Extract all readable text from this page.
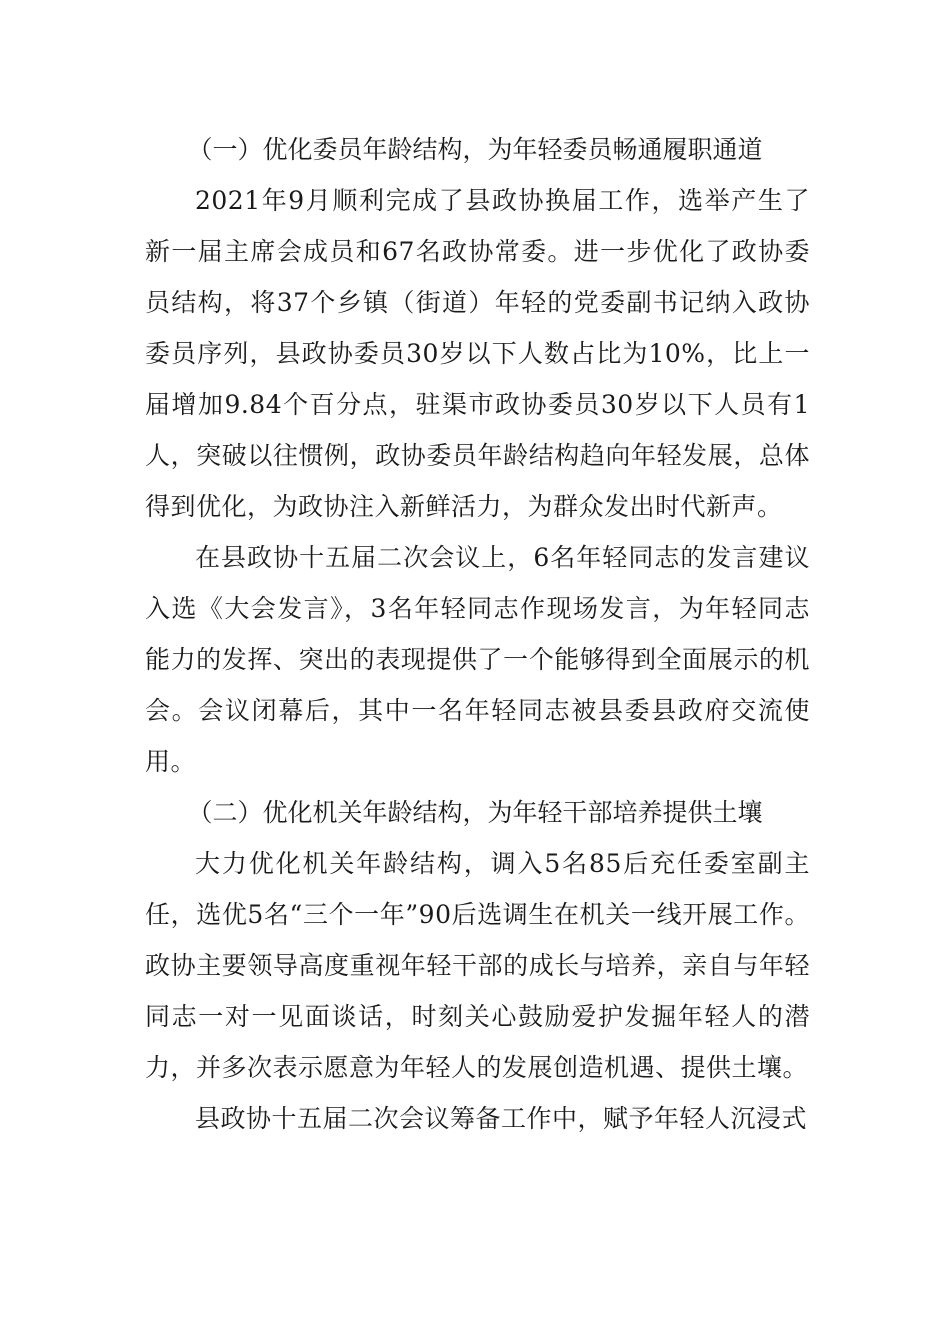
（一）优化委员年龄结构，为年轻委员畅通履职通道

2021年9月顺利完成了县政协换届工作，选举产生了新一届主席会成员和67名政协常委。进一步优化了政协委员结构，将37个乡镇（街道）年轻的党委副书记纳入政协委员序列，县政协委员30岁以下人数占比为10%，比上一届增加9.84个百分点，驻渠市政协委员30岁以下人员有1人，突破以往惯例，政协委员年龄结构趋向年轻发展，总体得到优化，为政协注入新鲜活力，为群众发出时代新声。

在县政协十五届二次会议上，6名年轻同志的发言建议入选《大会发言》，3名年轻同志作现场发言，为年轻同志能力的发挥、突出的表现提供了一个能够得到全面展示的机会。会议闭幕后，其中一名年轻同志被县委县政府交流使用。

（二）优化机关年龄结构，为年轻干部培养提供土壤

大力优化机关年龄结构，调入5名85后充任委室副主任，选优5名“三个一年”90后选调生在机关一线开展工作。政协主要领导高度重视年轻干部的成长与培养，亲自与年轻同志一对一见面谈话，时刻关心鼓励爱护发掘年轻人的潜力，并多次表示愿意为年轻人的发展创造机遇、提供土壤。

县政协十五届二次会议筹备工作中，赋予年轻人沉浸式
